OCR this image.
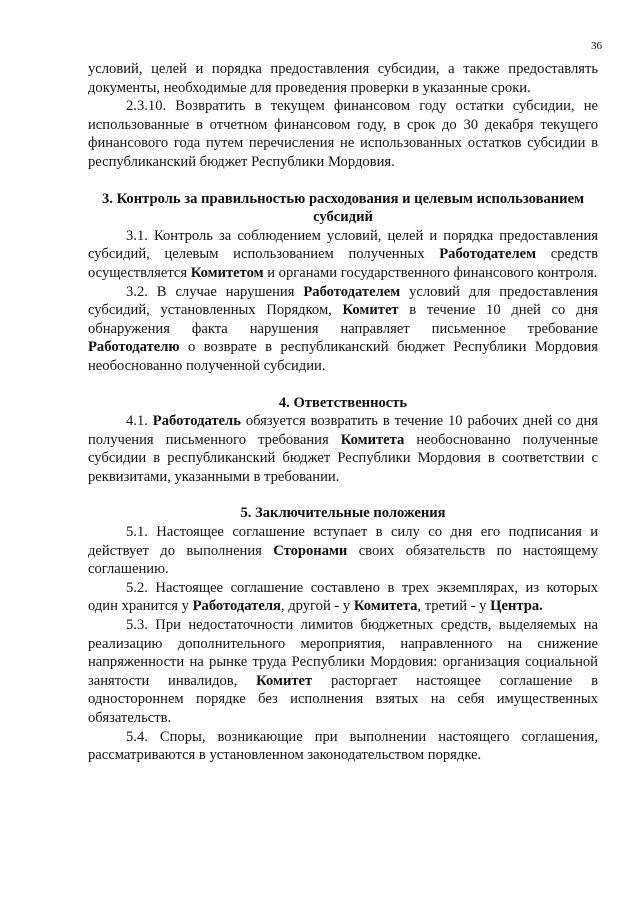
36

условий, целей и порядка предоставления субсидии, а также предоставлять документы, необходимые для проведения проверки в указанные сроки.

2.3.10. Возвратить в текущем финансовом году остатки субсидии, не использованные в отчетном финансовом году, в срок до 30 декабря текущего финансового года путем перечисления не использованных остатков субсидии в республиканский бюджет Республики Мордовия.

3. Контроль за правильностью расходования и целевым использованием субсидий

3.1. Контроль за соблюдением условий, целей и порядка предоставления субсидий, целевым использованием полученных Работодателем средств осуществляется Комитетом и органами государственного финансового контроля.

3.2. В случае нарушения Работодателем условий для предоставления субсидий, установленных Порядком, Комитет в течение 10 дней со дня обнаружения факта нарушения направляет письменное требование Работодателю о возврате в республиканский бюджет Республики Мордовия необоснованно полученной субсидии.

4. Ответственность

4.1. Работодатель обязуется возвратить в течение 10 рабочих дней со дня получения письменного требования Комитета необоснованно полученные субсидии в республиканский бюджет Республики Мордовия в соответствии с реквизитами, указанными в требовании.

5. Заключительные положения

5.1. Настоящее соглашение вступает в силу со дня его подписания и действует до выполнения Сторонами своих обязательств по настоящему соглашению.

5.2. Настоящее соглашение составлено в трех экземплярах, из которых один хранится у Работодателя, другой - у Комитета, третий - у Центра.

5.3. При недостаточности лимитов бюджетных средств, выделяемых на реализацию дополнительного мероприятия, направленного на снижение напряженности на рынке труда Республики Мордовия: организация социальной занятости инвалидов, Комитет расторгает настоящее соглашение в одностороннем порядке без исполнения взятых на себя имущественных обязательств.

5.4. Споры, возникающие при выполнении настоящего соглашения, рассматриваются в установленном законодательством порядке.
